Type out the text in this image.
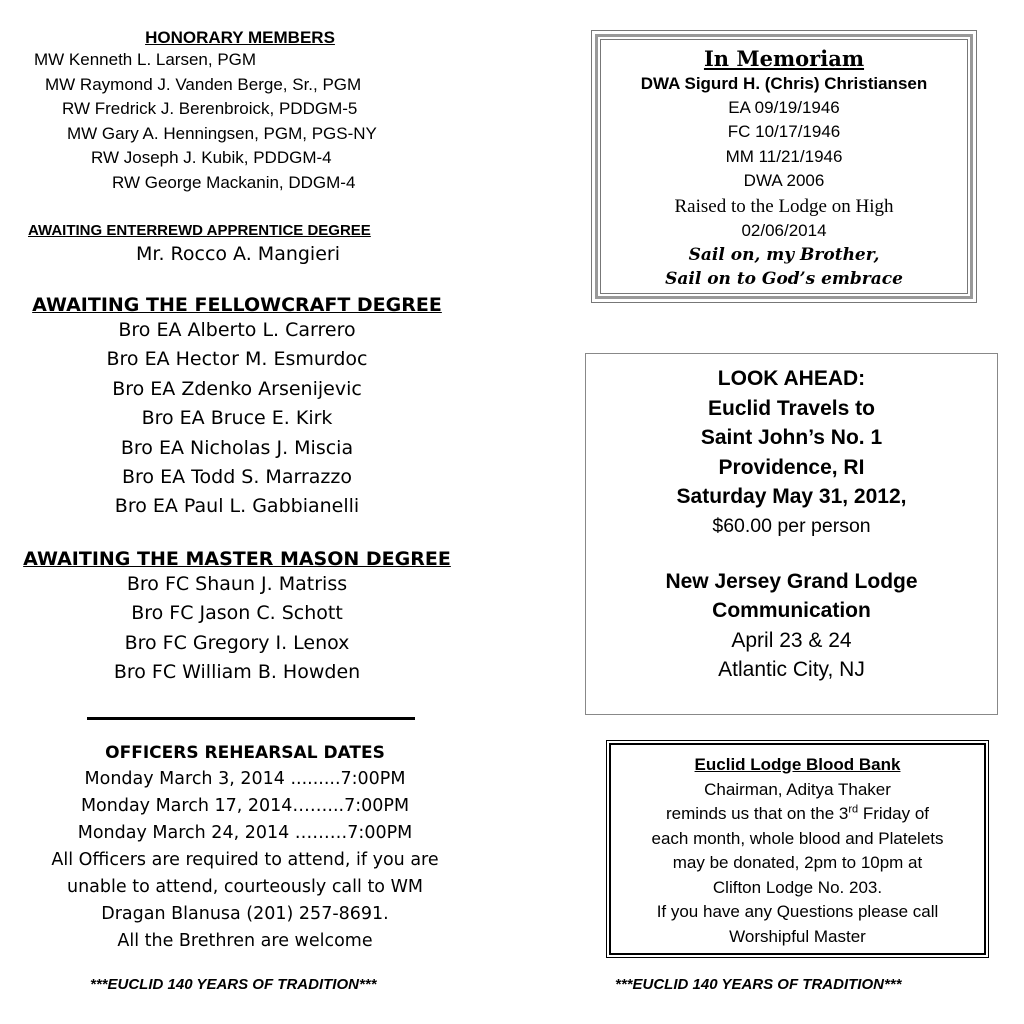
HONORARY MEMBERS
MW Kenneth L. Larsen, PGM
MW Raymond J. Vanden Berge, Sr., PGM
RW Fredrick J. Berenbroick, PDDGM-5
MW Gary A. Henningsen, PGM, PGS-NY
RW Joseph J. Kubik, PDDGM-4
RW George Mackanin, DDGM-4
AWAITING ENTERREWD APPRENTICE DEGREE
Mr. Rocco A. Mangieri
AWAITING THE FELLOWCRAFT DEGREE
Bro EA Alberto L. Carrero
Bro EA Hector M. Esmurdoc
Bro EA Zdenko Arsenijevic
Bro EA Bruce E. Kirk
Bro EA Nicholas J. Miscia
Bro EA Todd S. Marrazzo
Bro EA Paul L. Gabbianelli
AWAITING THE MASTER MASON DEGREE
Bro FC Shaun J. Matriss
Bro FC Jason C. Schott
Bro FC Gregory I. Lenox
Bro FC William B. Howden
OFFICERS REHEARSAL DATES
Monday March 3, 2014 .........7:00PM
Monday March 17, 2014……...7:00PM
Monday March 24, 2014 ………7:00PM
All Officers are required to attend, if you are
unable to attend, courteously call to WM
Dragan Blanusa (201) 257-8691.
All the Brethren are welcome
***EUCLID 140 YEARS OF TRADITION***
In Memoriam
DWA Sigurd H. (Chris) Christiansen
EA 09/19/1946
FC 10/17/1946
MM 11/21/1946
DWA 2006
Raised to the Lodge on High
02/06/2014
Sail on, my Brother,
Sail on to God’s embrace
LOOK AHEAD:
Euclid Travels to
Saint John’s No. 1
Providence, RI
Saturday May 31, 2012,
$60.00 per person
New Jersey Grand Lodge
Communication
April 23 & 24
Atlantic City, NJ
Euclid Lodge Blood Bank
Chairman, Aditya Thaker
reminds us that on the 3rd Friday of
each month, whole blood and Platelets
may be donated, 2pm to 10pm at
Clifton Lodge No. 203.
If you have any Questions please call
Worshipful Master
***EUCLID 140 YEARS OF TRADITION***
